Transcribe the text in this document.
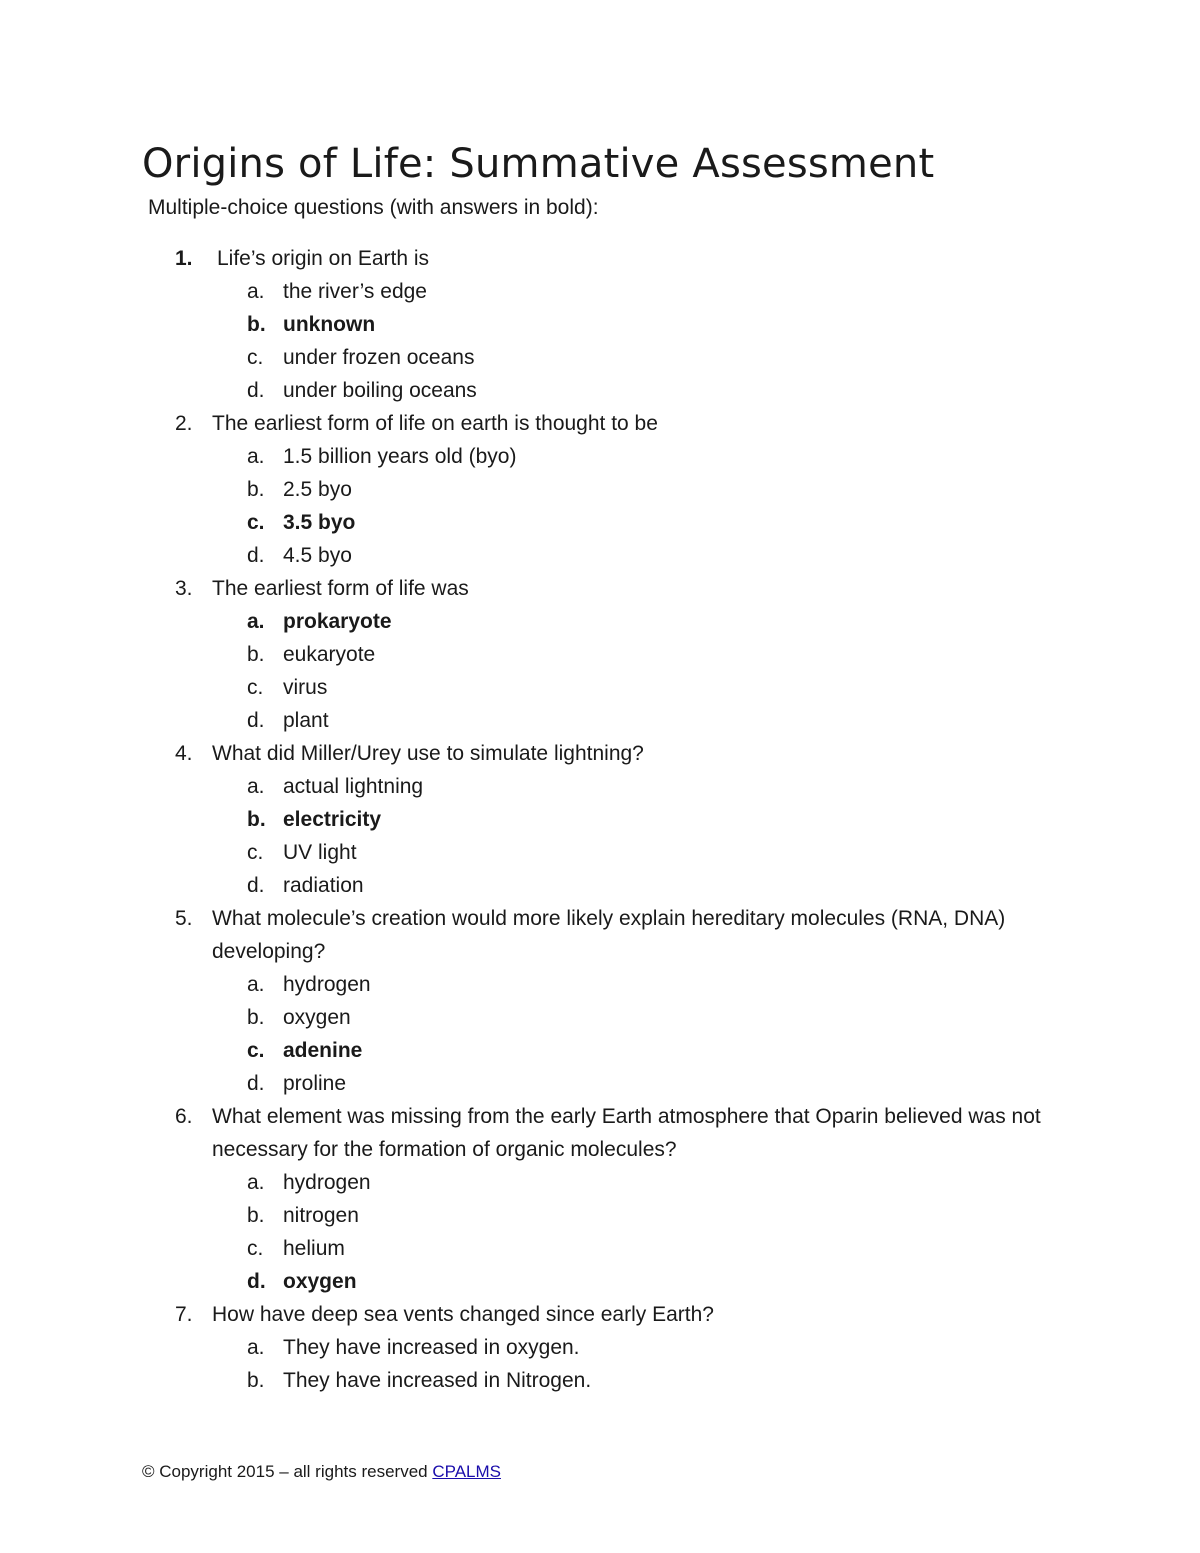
Origins of Life: Summative Assessment

Multiple-choice questions (with answers in bold):

1.	Life’s origin on Earth is
a. the river’s edge
b. unknown
c. under frozen oceans
d. under boiling oceans
2. The earliest form of life on earth is thought to be
a. 1.5 billion years old (byo)
b. 2.5 byo
c. 3.5 byo
d. 4.5 byo
3. The earliest form of life was
a. prokaryote
b. eukaryote
c. virus
d. plant
4. What did Miller/Urey use to simulate lightning?
a. actual lightning
b. electricity
c. UV light
d. radiation
5. What molecule’s creation would more likely explain hereditary molecules (RNA, DNA) developing?
a. hydrogen
b. oxygen
c. adenine
d. proline
6. What element was missing from the early Earth atmosphere that Oparin believed was not necessary for the formation of organic molecules?
a. hydrogen
b. nitrogen
c. helium
d. oxygen
7. How have deep sea vents changed since early Earth?
a. They have increased in oxygen.
b. They have increased in Nitrogen.
© Copyright 2015 – all rights reserved CPALMS
